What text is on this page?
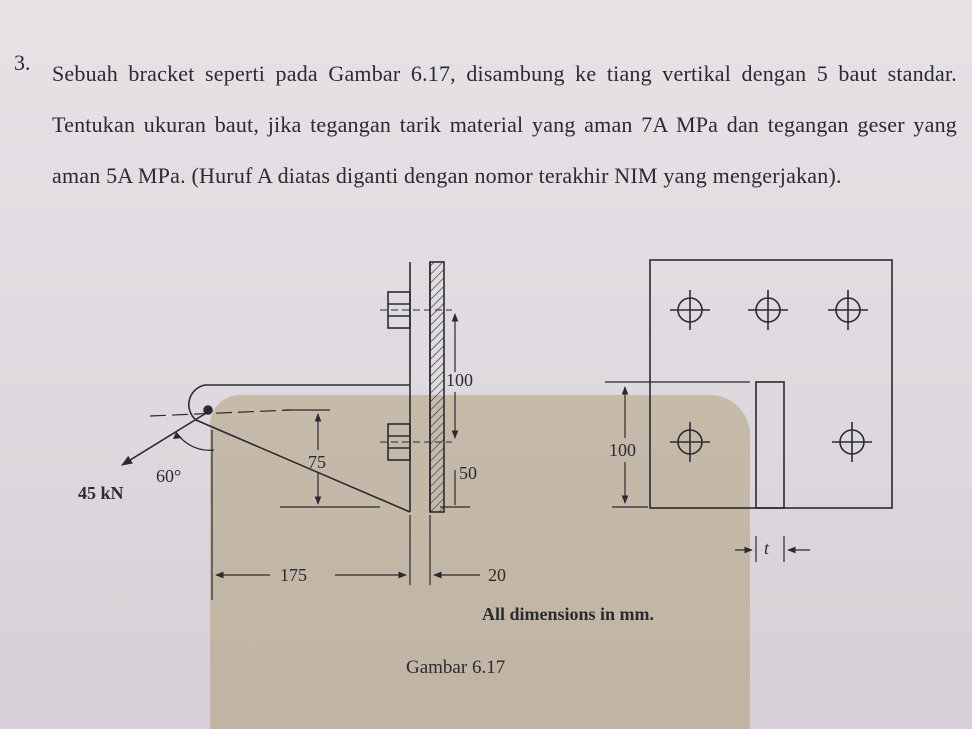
3. Sebuah bracket seperti pada Gambar 6.17, disambung ke tiang vertikal dengan 5 baut standar. Tentukan ukuran baut, jika tegangan tarik material yang aman 7A MPa dan tegangan geser yang aman 5A MPa. (Huruf A diatas diganti dengan nomor terakhir NIM yang mengerjakan).
100
50
75
60°
45 kN
175	20
100
t
All dimensions in mm.
Gambar 6.17
